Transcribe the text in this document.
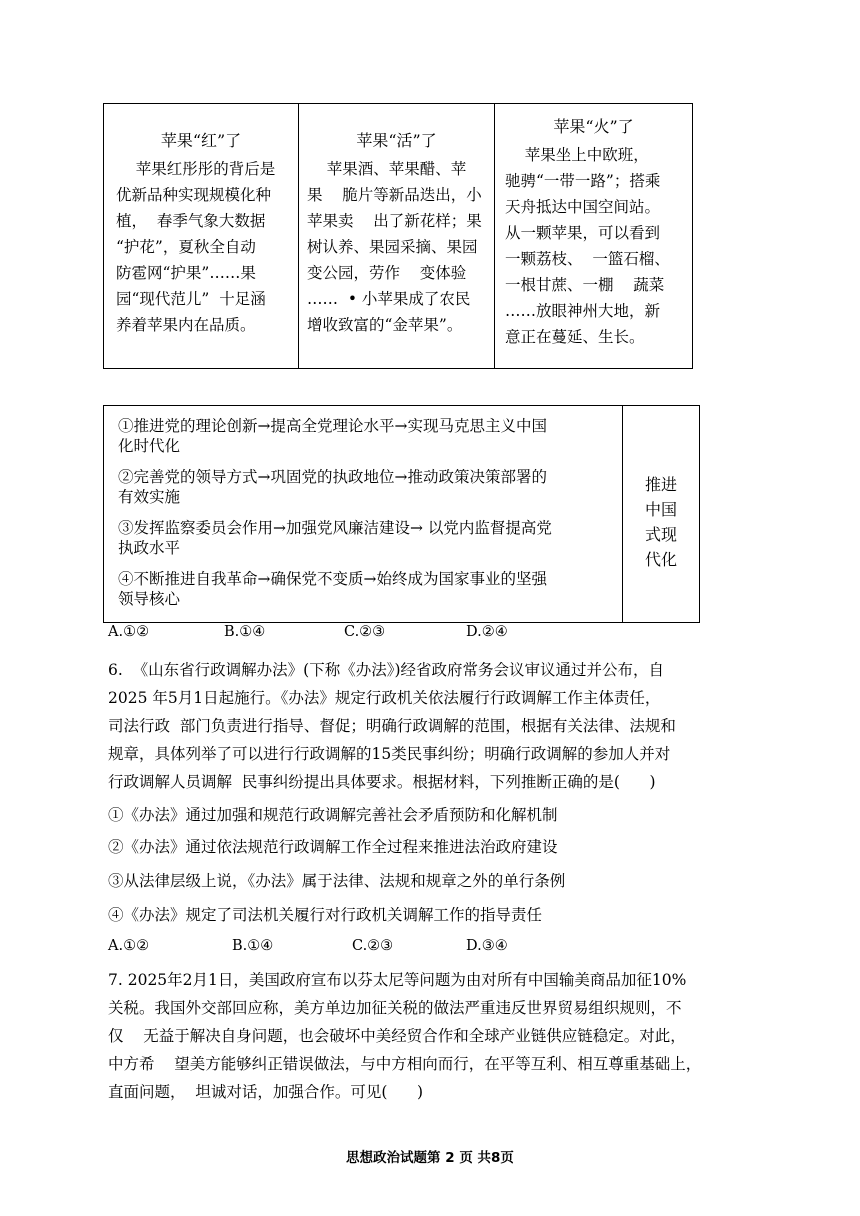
苹果“红”了
苹果红彤彤的背后是
优新品种实现规模化种
植，  春季气象大数据
“护花”，夏秋全自动
防雹网“护果”……果
园“现代范儿”  十足涵
养着苹果内在品质。
苹果“活”了
苹果酒、苹果醋、苹
果    脆片等新品迭出，小
苹果卖    出了新花样；果
树认养、果园采摘、果园
变公园，劳作    变体验
……  • 小苹果成了农民
增收致富的“金苹果”。
苹果“火”了
苹果坐上中欧班，
驰骋“一带一路”；搭乘
天舟抵达中国空间站。
从一颗苹果，可以看到
一颗荔枝、  一篮石榴、
一根甘蔗、一棚    蔬菜
……放眼神州大地，新
意正在蔓延、生长。
①推进党的理论创新→提高全党理论水平→实现马克思主义中国
化时代化
②完善党的领导方式→巩固党的执政地位→推动政策决策部署的
有效实施
③发挥监察委员会作用→加强党风廉洁建设→ 以党内监督提高党
执政水平
④不断推进自我革命→确保党不变质→始终成为国家事业的坚强
领导核心
推进
中国
式现
代化
A.①②	B.①④	C.②③	D.②④
6.  《山东省行政调解办法》(下称《办法》)经省政府常务会议审议通过并公布，自
2025 年5月1日起施行。《办法》规定行政机关依法履行行政调解工作主体责任，
司法行政  部门负责进行指导、督促；明确行政调解的范围，根据有关法律、法规和
规章，具体列举了可以进行行政调解的15类民事纠纷；明确行政调解的参加人并对
行政调解人员调解  民事纠纷提出具体要求。根据材料，下列推断正确的是(      )
①《办法》通过加强和规范行政调解完善社会矛盾预防和化解机制
②《办法》通过依法规范行政调解工作全过程来推进法治政府建设
③从法律层级上说，《办法》属于法律、法规和规章之外的单行条例
④《办法》规定了司法机关履行对行政机关调解工作的指导责任
A.①②	B.①④	C.②③	D.③④
7. 2025年2月1日，美国政府宣布以芬太尼等问题为由对所有中国输美商品加征10%
关税。我国外交部回应称，美方单边加征关税的做法严重违反世界贸易组织规则，不
仅    无益于解决自身问题，也会破坏中美经贸合作和全球产业链供应链稳定。对此，
中方希    望美方能够纠正错误做法，与中方相向而行，在平等互利、相互尊重基础上，
直面问题，  坦诚对话，加强合作。可见(      )
思想政治试题第 2 页 共8页
